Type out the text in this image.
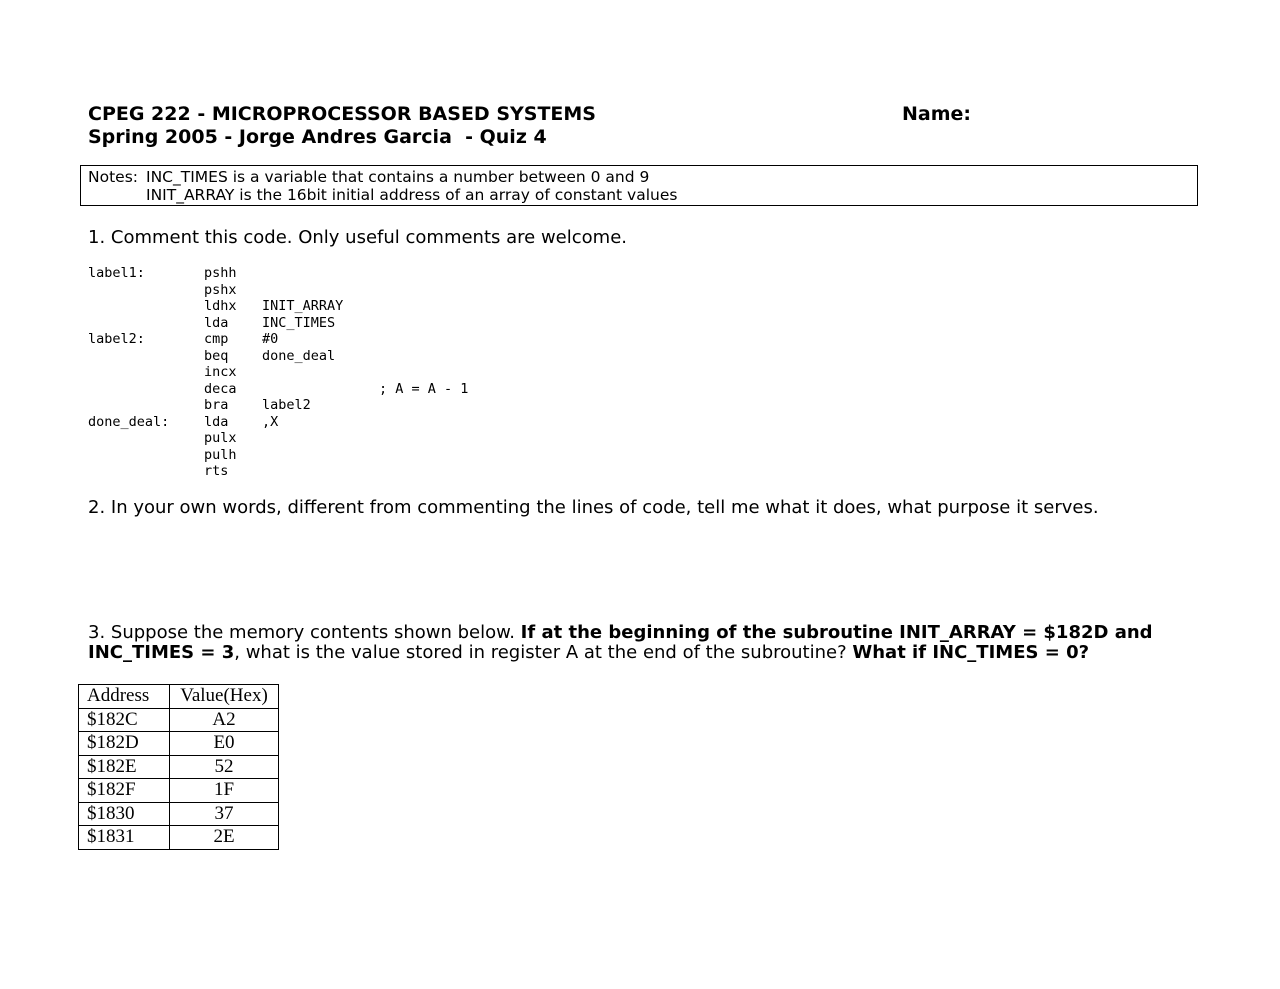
CPEG 222 - MICROPROCESSOR BASED SYSTEMS
Spring 2005 - Jorge Andres Garcia  - Quiz 4
Name:
Notes: INC_TIMES is a variable that contains a number between 0 and 9
INIT_ARRAY is the 16bit initial address of an array of constant values
1. Comment this code. Only useful comments are welcome.
label1:	pshh
pshx
ldhx INIT_ARRAY
lda INC_TIMES
label2:	cmp #0
beq done_deal
incx
deca	; A = A - 1
bra label2
done_deal:	lda ,X
pulx
pulh
rts
2. In your own words, different from commenting the lines of code, tell me what it does, what purpose it serves.
3. Suppose the memory contents shown below. If at the beginning of the subroutine INIT_ARRAY = $182D and
INC_TIMES = 3, what is the value stored in register A at the end of the subroutine? What if INC_TIMES = 0?
Address	Value(Hex)
$182C	A2
$182D	E0
$182E	52
$182F	1F
$1830	37
$1831	2E
